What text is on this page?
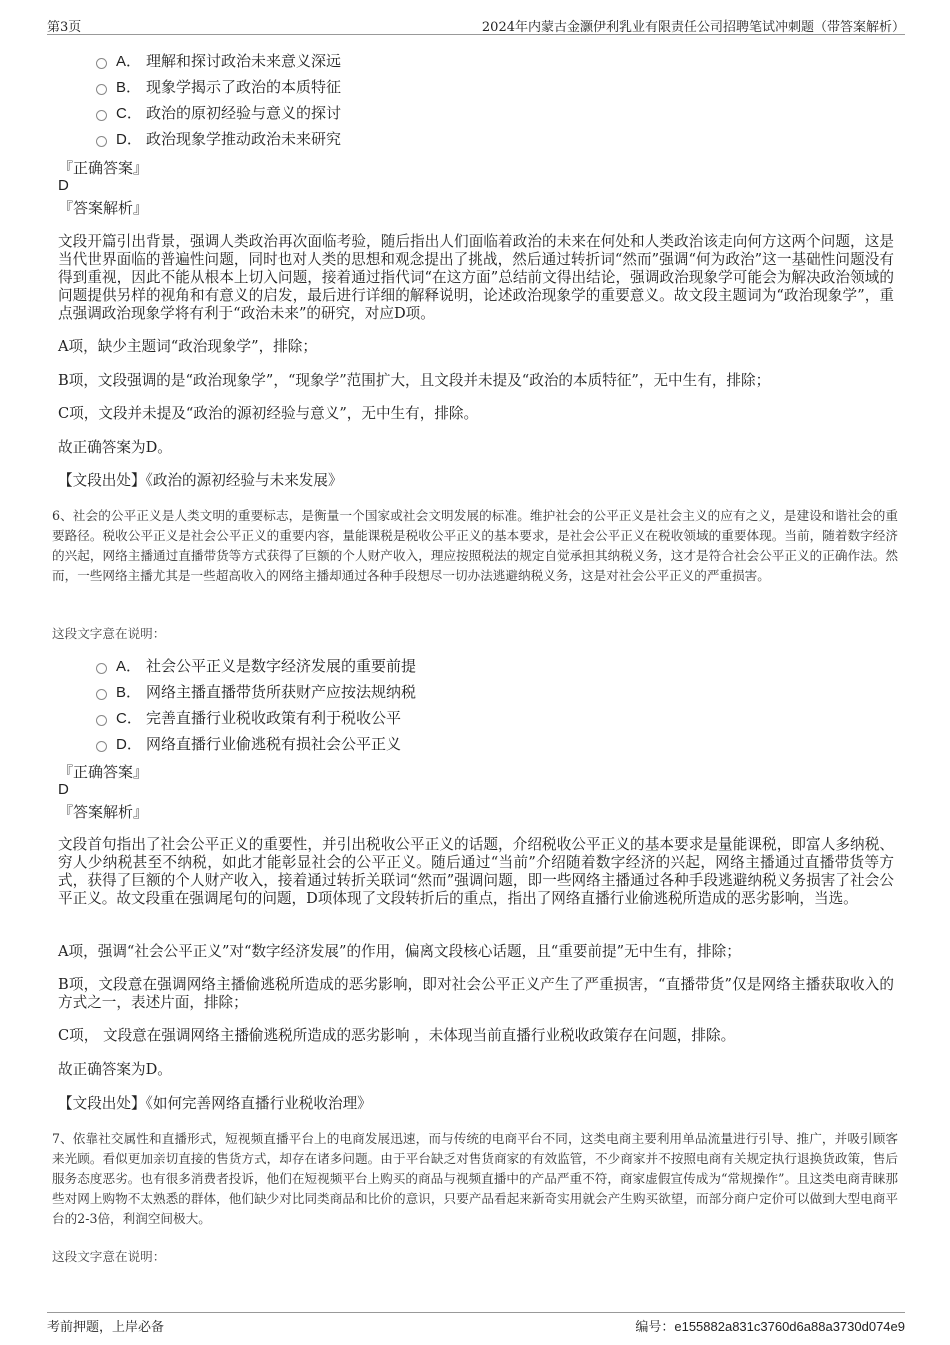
第3页	2024年内蒙古金灏伊利乳业有限责任公司招聘笔试冲刺题（带答案解析）
A． 理解和探讨政治未来意义深远
B． 现象学揭示了政治的本质特征
C． 政治的原初经验与意义的探讨
D． 政治现象学推动政治未来研究
『正确答案』
D
『答案解析』
文段开篇引出背景，强调人类政治再次面临考验，随后指出人们面临着政治的未来在何处和人类政治该走向何方这两个问题，这是当代世界面临的普遍性问题，同时也对人类的思想和观念提出了挑战，然后通过转折词“然而”强调“何为政治”这一基础性问题没有得到重视，因此不能从根本上切入问题，接着通过指代词“在这方面”总结前文得出结论，强调政治现象学可能会为解决政治领域的问题提供另样的视角和有意义的启发，最后进行详细的解释说明，论述政治现象学的重要意义。故文段主题词为“政治现象学”，重点强调政治现象学将有利于“政治未来”的研究，对应D项。
A项，缺少主题词“政治现象学”，排除；
B项，文段强调的是“政治现象学”，“现象学”范围扩大，且文段并未提及“政治的本质特征”，无中生有，排除；
C项，文段并未提及“政治的源初经验与意义”，无中生有，排除。
故正确答案为D。
【文段出处】《政治的源初经验与未来发展》
6、社会的公平正义是人类文明的重要标志，是衡量一个国家或社会文明发展的标准。维护社会的公平正义是社会主义的应有之义，是建设和谐社会的重要路径。税收公平正义是社会公平正义的重要内容，量能课税是税收公平正义的基本要求，是社会公平正义在税收领域的重要体现。当前，随着数字经济的兴起，网络主播通过直播带货等方式获得了巨额的个人财产收入，理应按照税法的规定自觉承担其纳税义务，这才是符合社会公平正义的正确作法。然而，一些网络主播尤其是一些超高收入的网络主播却通过各种手段想尽一切办法逃避纳税义务，这是对社会公平正义的严重损害。
这段文字意在说明：
A． 社会公平正义是数字经济发展的重要前提
B． 网络主播直播带货所获财产应按法规纳税
C． 完善直播行业税收政策有利于税收公平
D． 网络直播行业偷逃税有损社会公平正义
『正确答案』
D
『答案解析』
文段首句指出了社会公平正义的重要性，并引出税收公平正义的话题，介绍税收公平正义的基本要求是量能课税，即富人多纳税、穷人少纳税甚至不纳税，如此才能彰显社会的公平正义。随后通过“当前”介绍随着数字经济的兴起，网络主播通过直播带货等方式，获得了巨额的个人财产收入，接着通过转折关联词“然而”强调问题，即一些网络主播通过各种手段逃避纳税义务损害了社会公平正义。故文段重在强调尾句的问题，D项体现了文段转折后的重点，指出了网络直播行业偷逃税所造成的恶劣影响，当选。
A项，强调“社会公平正义”对“数字经济发展”的作用，偏离文段核心话题，且“重要前提”无中生有，排除；
B项，文段意在强调网络主播偷逃税所造成的恶劣影响，即对社会公平正义产生了严重损害，“直播带货”仅是网络主播获取收入的方式之一，表述片面，排除；
C项， 文段意在强调网络主播偷逃税所造成的恶劣影响 ，未体现当前直播行业税收政策存在问题，排除。
故正确答案为D。
【文段出处】《如何完善网络直播行业税收治理》
7、依靠社交属性和直播形式，短视频直播平台上的电商发展迅速，而与传统的电商平台不同，这类电商主要利用单品流量进行引导、推广，并吸引顾客来光顾。看似更加亲切直接的售货方式，却存在诸多问题。由于平台缺乏对售货商家的有效监管，不少商家并不按照电商有关规定执行退换货政策，售后服务态度恶劣。也有很多消费者投诉，他们在短视频平台上购买的商品与视频直播中的产品严重不符，商家虚假宣传成为“常规操作”。且这类电商青睐那些对网上购物不太熟悉的群体，他们缺少对比同类商品和比价的意识，只要产品看起来新奇实用就会产生购买欲望，而部分商户定价可以做到大型电商平台的2-3倍，利润空间极大。
这段文字意在说明：
考前押题，上岸必备	编号：e155882a831c3760d6a88a3730d074e9
